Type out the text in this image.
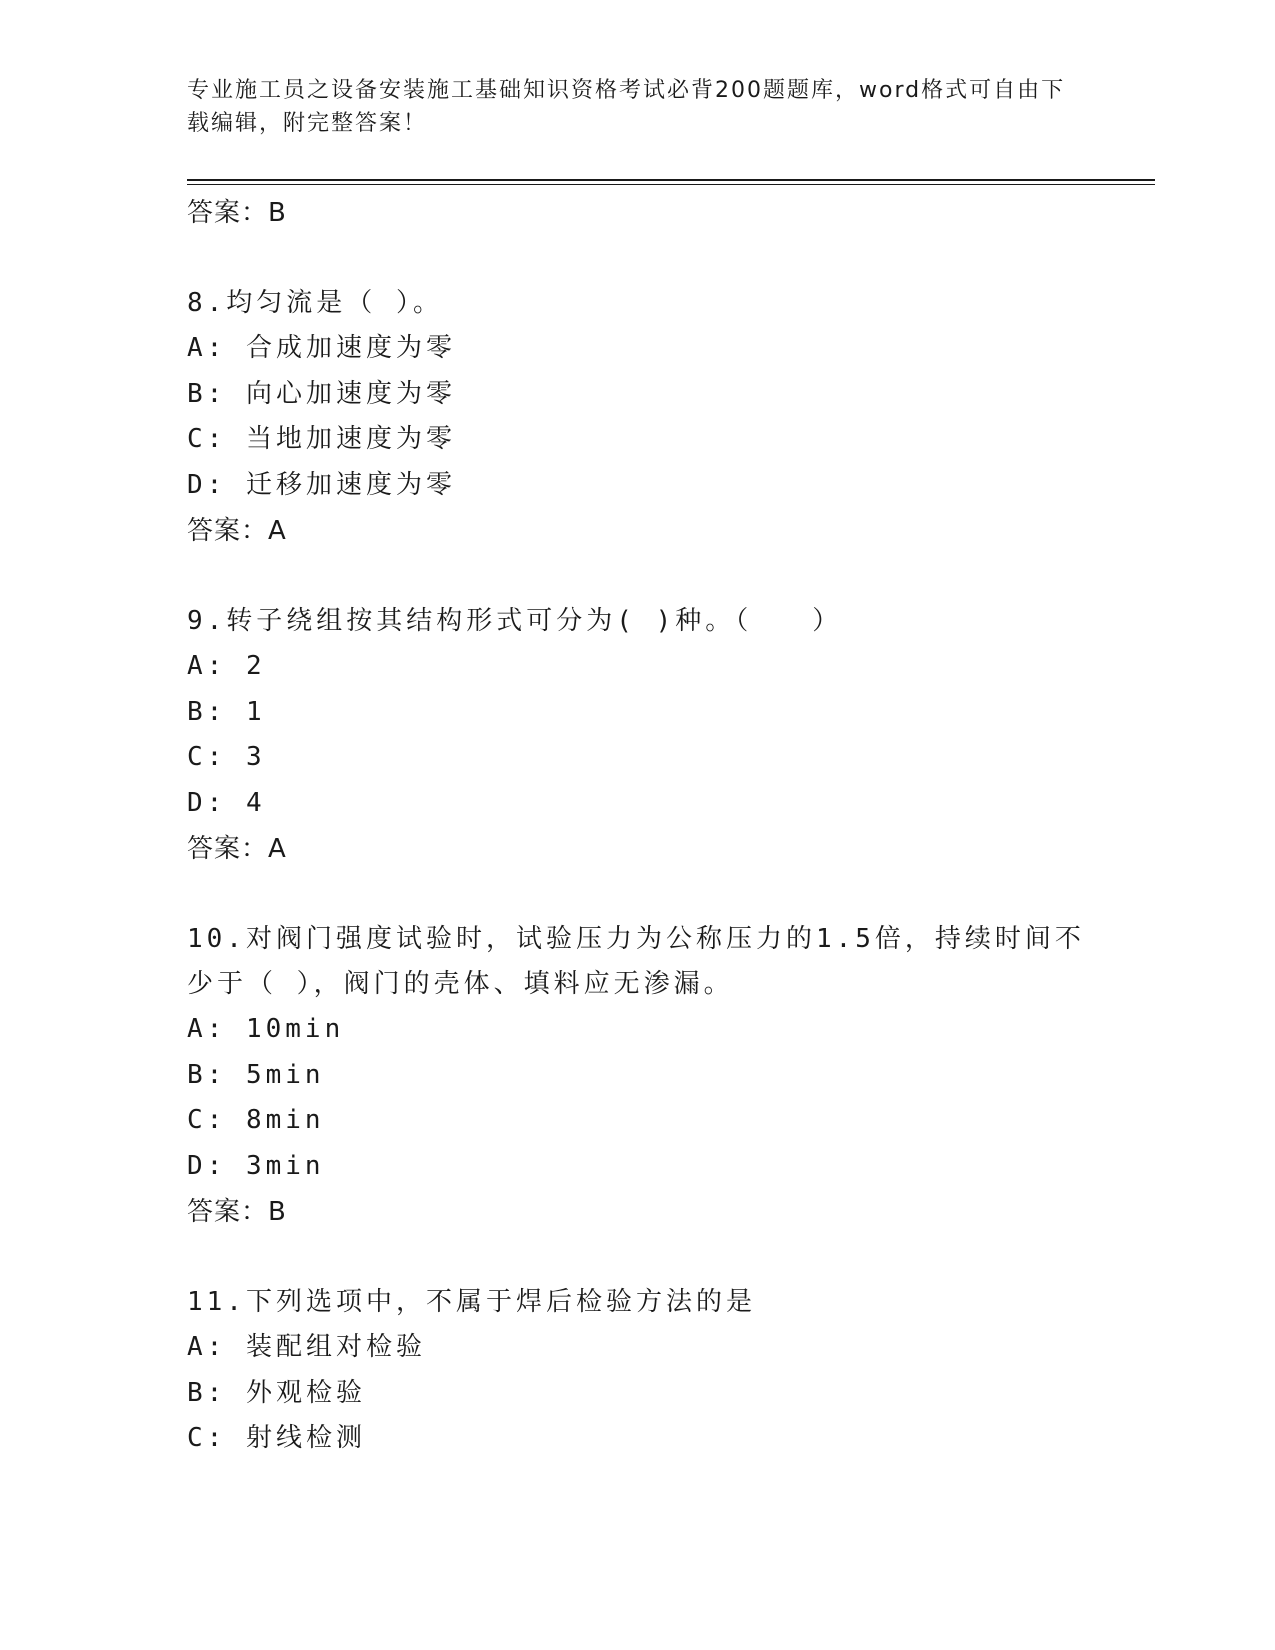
专业施工员之设备安装施工基础知识资格考试必背200题题库，word格式可自由下载编辑，附完整答案！
答案：B
8.均匀流是（ ）。
A: 合成加速度为零
B: 向心加速度为零
C: 当地加速度为零
D: 迁移加速度为零
答案：A
9.转子绕组按其结构形式可分为( )种。（　　）
A: 2
B: 1
C: 3
D: 4
答案：A
10.对阀门强度试验时，试验压力为公称压力的1.5倍，持续时间不少于（ ），阀门的壳体、填料应无渗漏。
A: 10min
B: 5min
C: 8min
D: 3min
答案：B
11.下列选项中，不属于焊后检验方法的是
A: 装配组对检验
B: 外观检验
C: 射线检测
